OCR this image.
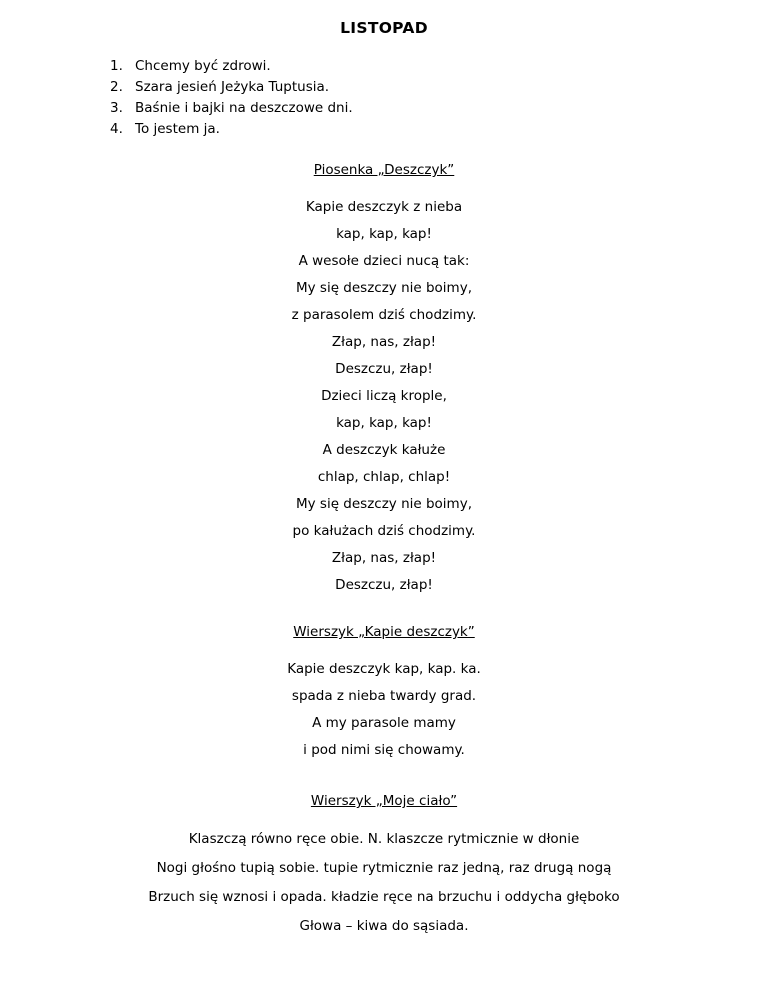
LISTOPAD
1. Chcemy być zdrowi.
2. Szara jesień Jeżyka Tuptusia.
3. Baśnie i bajki na deszczowe dni.
4. To jestem ja.
Piosenka „Deszczyk”
Kapie deszczyk z nieba
kap, kap, kap!
A wesołe dzieci nucą tak:
My się deszczy nie boimy,
z parasolem dziś chodzimy.
Złap, nas, złap!
Deszczu, złap!
Dzieci liczą krople,
kap, kap, kap!
A deszczyk kałuże
chlap, chlap, chlap!
My się deszczy nie boimy,
po kałużach dziś chodzimy.
Złap, nas, złap!
Deszczu, złap!
Wierszyk „Kapie deszczyk”
Kapie deszczyk kap, kap. ka.
spada z nieba twardy grad.
A my parasole mamy
i pod nimi się chowamy.
Wierszyk „Moje ciało”
Klaszczą równo ręce obie. N. klaszcze rytmicznie w dłonie
Nogi głośno tupią sobie. tupie rytmicznie raz jedną, raz drugą nogą
Brzuch się wznosi i opada. kładzie ręce na brzuchu i oddycha głęboko
Głowa – kiwa do sąsiada.
